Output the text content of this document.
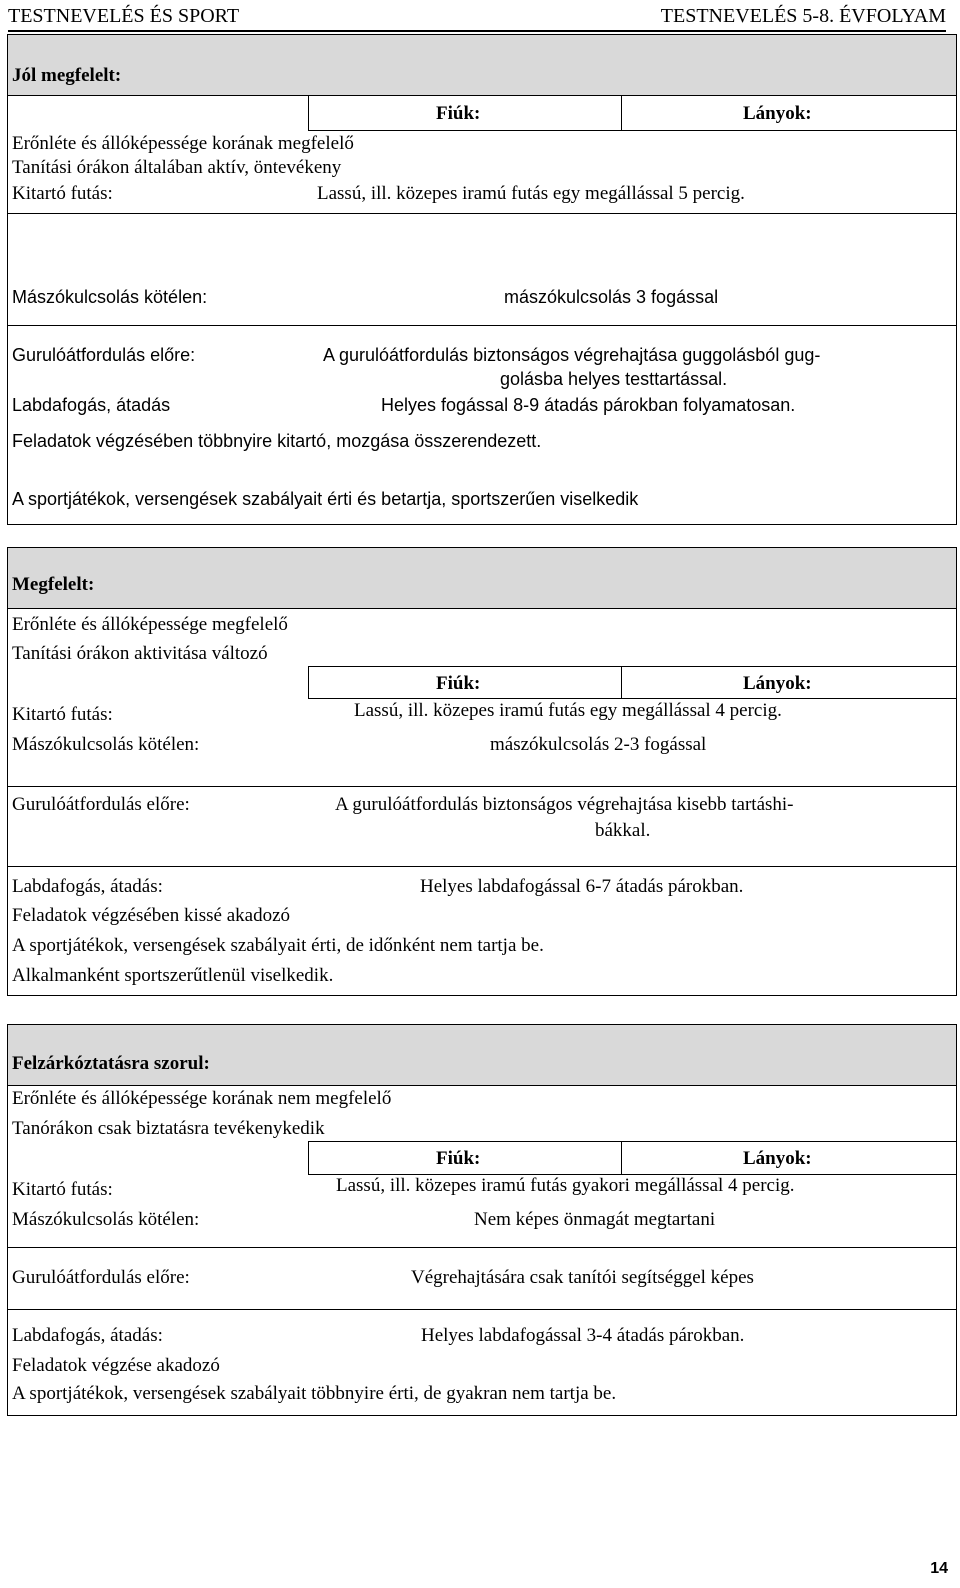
TESTNEVELÉS ÉS SPORT	TESTNEVELÉS 5-8. ÉVFOLYAM
Jól megfelelt:
Fiúk:	Lányok:
Erőnléte és állóképessége korának megfelelő
Tanítási órákon általában aktív, öntevékeny
Kitartó futás:	Lassú, ill. közepes iramú futás egy megállással 5 percig.
Mászókulcsolás kötélen:	mászókulcsolás 3 fogással
Gurulóátfordulás előre:	A gurulóátfordulás biztonságos végrehajtása guggolásból gug-
golásba helyes testtartással.
Labdafogás, átadás	Helyes fogással 8-9 átadás párokban folyamatosan.
Feladatok végzésében többnyire kitartó, mozgása összerendezett.
A sportjátékok, versengések szabályait érti és betartja, sportszerűen viselkedik
Megfelelt:
Erőnléte és állóképessége megfelelő
Tanítási órákon aktivitása változó
Fiúk:	Lányok:
Kitartó futás:	Lassú, ill. közepes iramú futás egy megállással 4 percig.
Mászókulcsolás kötélen:	mászókulcsolás 2-3 fogással
Gurulóátfordulás előre:	A gurulóátfordulás biztonságos végrehajtása kisebb tartáshi-
bákkal.
Labdafogás, átadás:	Helyes labdafogással 6-7 átadás párokban.
Feladatok végzésében kissé akadozó
A sportjátékok, versengések szabályait érti, de időnként nem tartja be.
Alkalmanként sportszerűtlenül viselkedik.
Felzárkóztatásra szorul:
Erőnléte és állóképessége korának nem megfelelő
Tanórákon csak biztatásra tevékenykedik
Fiúk:	Lányok:
Kitartó futás:	Lassú, ill. közepes iramú futás gyakori megállással 4 percig.
Mászókulcsolás kötélen:	Nem képes önmagát megtartani
Gurulóátfordulás előre:	Végrehajtására csak tanítói segítséggel képes
Labdafogás, átadás:	Helyes labdafogással 3-4 átadás párokban.
Feladatok végzése akadozó
A sportjátékok, versengések szabályait többnyire érti, de gyakran nem tartja be.
14
